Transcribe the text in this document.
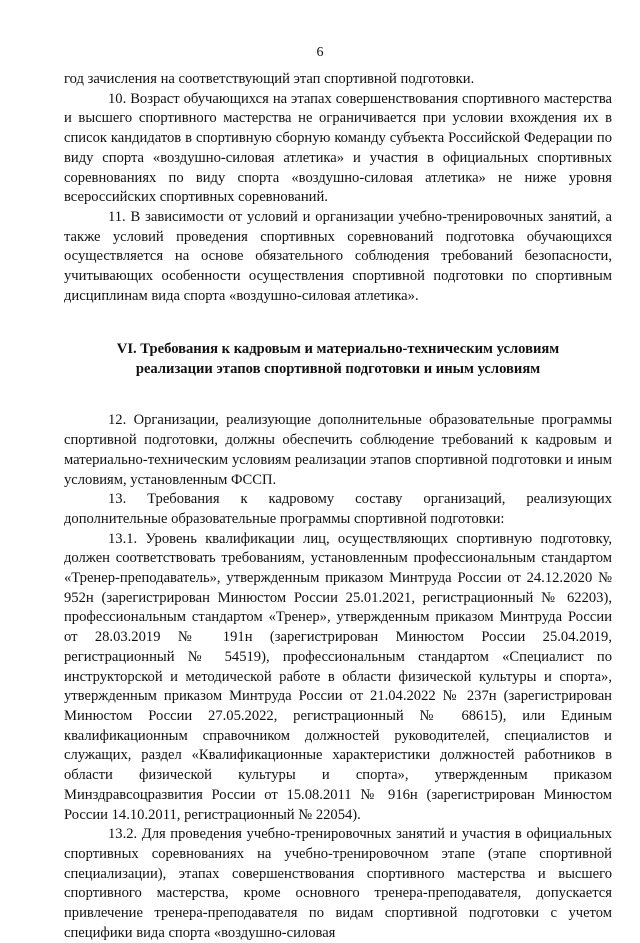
6

год зачисления на соответствующий этап спортивной подготовки.

10. Возраст обучающихся на этапах совершенствования спортивного мастерства и высшего спортивного мастерства не ограничивается при условии вхождения их в список кандидатов в спортивную сборную команду субъекта Российской Федерации по виду спорта «воздушно-силовая атлетика» и участия в официальных спортивных соревнованиях по виду спорта «воздушно-силовая атлетика» не ниже уровня всероссийских спортивных соревнований.

11. В зависимости от условий и организации учебно-тренировочных занятий, а также условий проведения спортивных соревнований подготовка обучающихся осуществляется на основе обязательного соблюдения требований безопасности, учитывающих особенности осуществления спортивной подготовки по спортивным дисциплинам вида спорта «воздушно-силовая атлетика».

VI. Требования к кадровым и материально-техническим условиям
реализации этапов спортивной подготовки и иным условиям

12. Организации, реализующие дополнительные образовательные программы спортивной подготовки, должны обеспечить соблюдение требований к кадровым и материально-техническим условиям реализации этапов спортивной подготовки и иным условиям, установленным ФССП.

13. Требования к кадровому составу организаций, реализующих дополнительные образовательные программы спортивной подготовки:

13.1. Уровень квалификации лиц, осуществляющих спортивную подготовку, должен соответствовать требованиям, установленным профессиональным стандартом «Тренер-преподаватель», утвержденным приказом Минтруда России от 24.12.2020 № 952н (зарегистрирован Минюстом России 25.01.2021, регистрационный № 62203), профессиональным стандартом «Тренер», утвержденным приказом Минтруда России от 28.03.2019 № 191н (зарегистрирован Минюстом России 25.04.2019, регистрационный № 54519), профессиональным стандартом «Специалист по инструкторской и методической работе в области физической культуры и спорта», утвержденным приказом Минтруда России от 21.04.2022 № 237н (зарегистрирован Минюстом России 27.05.2022, регистрационный № 68615), или Единым квалификационным справочником должностей руководителей, специалистов и служащих, раздел «Квалификационные характеристики должностей работников в области физической культуры и спорта», утвержденным приказом Минздравсоцразвития России от 15.08.2011 № 916н (зарегистрирован Минюстом России 14.10.2011, регистрационный № 22054).

13.2. Для проведения учебно-тренировочных занятий и участия в официальных спортивных соревнованиях на учебно-тренировочном этапе (этапе спортивной специализации), этапах совершенствования спортивного мастерства и высшего спортивного мастерства, кроме основного тренера-преподавателя, допускается привлечение тренера-преподавателя по видам спортивной подготовки с учетом специфики вида спорта «воздушно-силовая
